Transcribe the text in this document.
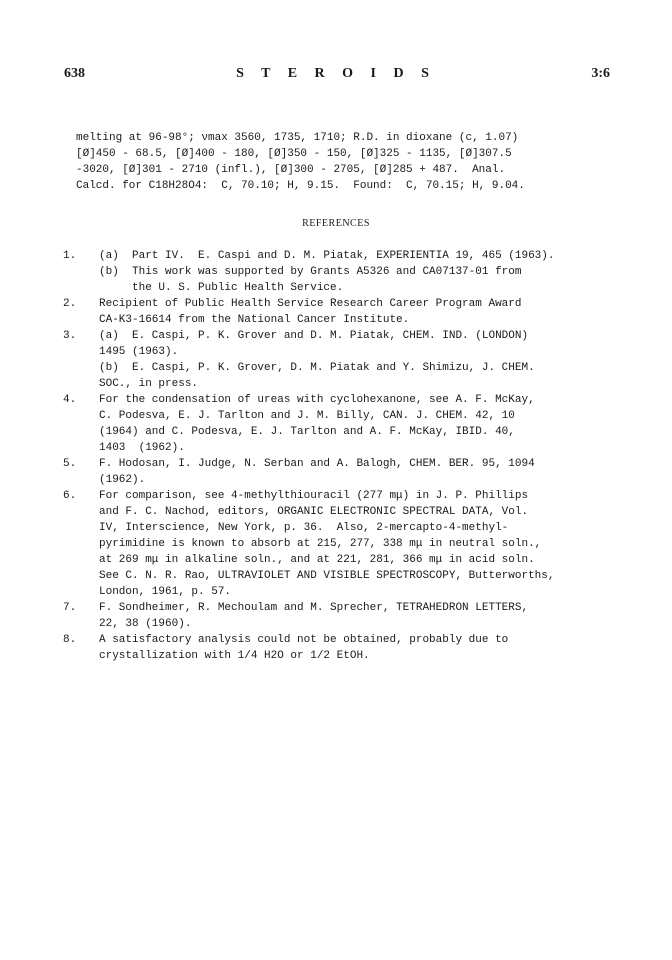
638	S T E R O I D S	3:6
melting at 96-98°; νmax 3560, 1735, 1710; R.D. in dioxane (c, 1.07)
[Ø]450 - 68.5, [Ø]400 - 180, [Ø]350 - 150, [Ø]325 - 1135, [Ø]307.5
-3020, [Ø]301 - 2710 (infl.), [Ø]300 - 2705, [Ø]285 + 487.  Anal.
Calcd. for C18H28O4:  C, 70.10; H, 9.15.  Found:  C, 70.15; H, 9.04.
REFERENCES
1. (a)  Part IV.  E. Caspi and D. M. Piatak, EXPERIENTIA 19, 465 (1963).
(b)  This work was supported by Grants A5326 and CA07137-01 from
the U. S. Public Health Service.
2. Recipient of Public Health Service Research Career Program Award
CA-K3-16614 from the National Cancer Institute.
3. (a)  E. Caspi, P. K. Grover and D. M. Piatak, CHEM. IND. (LONDON)
1495 (1963).
(b)  E. Caspi, P. K. Grover, D. M. Piatak and Y. Shimizu, J. CHEM.
SOC., in press.
4. For the condensation of ureas with cyclohexanone, see A. F. McKay,
C. Podesva, E. J. Tarlton and J. M. Billy, CAN. J. CHEM. 42, 10
(1964) and C. Podesva, E. J. Tarlton and A. F. McKay, IBID. 40,
1403  (1962).
5. F. Hodosan, I. Judge, N. Serban and A. Balogh, CHEM. BER. 95, 1094
(1962).
6. For comparison, see 4-methylthiouracil (277 mμ) in J. P. Phillips
and F. C. Nachod, editors, ORGANIC ELECTRONIC SPECTRAL DATA, Vol.
IV, Interscience, New York, p. 36.  Also, 2-mercapto-4-methyl-
pyrimidine is known to absorb at 215, 277, 338 mμ in neutral soln.,
at 269 mμ in alkaline soln., and at 221, 281, 366 mμ in acid soln.
See C. N. R. Rao, ULTRAVIOLET AND VISIBLE SPECTROSCOPY, Butterworths,
London, 1961, p. 57.
7. F. Sondheimer, R. Mechoulam and M. Sprecher, TETRAHEDRON LETTERS,
22, 38 (1960).
8. A satisfactory analysis could not be obtained, probably due to
crystallization with 1/4 H2O or 1/2 EtOH.
